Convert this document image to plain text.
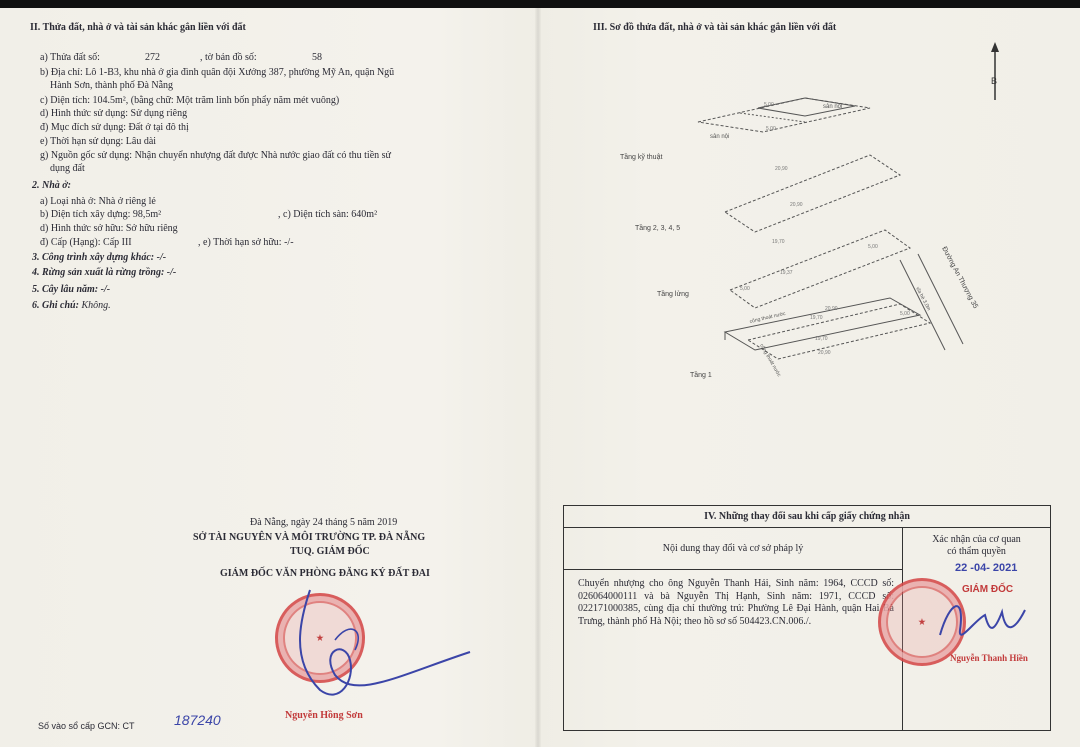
II. Thửa đất, nhà ở và tài sản khác gắn liền với đất
a) Thửa đất số:	272	, tờ bản đồ số:	58
b) Địa chỉ: Lô 1-B3, khu nhà ở gia đình quân đội Xưởng 387, phường Mỹ An, quận Ngũ
Hành Sơn, thành phố Đà Nẵng
c) Diện tích: 104.5m², (bằng chữ: Một trăm linh bốn phẩy năm mét vuông)
d) Hình thức sử dụng: Sử dụng riêng
đ) Mục đích sử dụng: Đất ở tại đô thị
e) Thời hạn sử dụng: Lâu dài
g) Nguồn gốc sử dụng: Nhận chuyển nhượng đất được Nhà nước giao đất có thu tiền sử
dụng đất
2. Nhà ở:
a) Loại nhà ở: Nhà ở riêng lẻ
b) Diện tích xây dựng: 98,5m²	, c) Diện tích sàn: 640m²
d) Hình thức sở hữu: Sở hữu riêng
đ) Cấp (Hạng): Cấp III	, e) Thời hạn sở hữu: -/-
3. Công trình xây dựng khác: -/-
4. Rừng sản xuất là rừng trồng: -/-
5. Cây lâu năm: -/-
6. Ghi chú: Không.
Đà Nẵng, ngày 24 tháng 5 năm 2019
SỞ TÀI NGUYÊN VÀ MÔI TRƯỜNG TP. ĐÀ NẴNG
TUQ. GIÁM ĐỐC
GIÁM ĐỐC VĂN PHÒNG ĐĂNG KÝ ĐẤT ĐAI
★
Nguyễn Hồng Sơn
Số vào sổ cấp GCN: CT	187240
III. Sơ đồ thửa đất, nhà ở và tài sản khác gắn liền với đất
B
sân nội
sân nội
5,00
5,00
Tầng kỹ thuật
20,90
20,90
Tầng 2, 3, 4, 5
19,70
19,37
5,00
5,00
Tầng lửng	Đường An Thượng 35
vỉa hè 3,0m
cống thoát nước
cống thoát nước
19,70
5,00
20,90
19,70
20,90
Tầng 1
IV. Những thay đổi sau khi cấp giấy chứng nhận
Nội dung thay đổi và cơ sở pháp lý
Xác nhận của cơ quan
có thẩm quyền
Chuyển nhượng cho ông Nguyễn Thanh Hải, Sinh năm: 1964, CCCD số: 026064000111 và bà Nguyễn Thị Hạnh, Sinh năm: 1971, CCCD số: 022171000385, cùng địa chỉ thường trú: Phường Lê Đại Hành, quận Hai Bà Trưng, thành phố Hà Nội; theo hồ sơ số 504423.CN.006./.	★
22 -04- 2021
GIÁM ĐỐC
Nguyễn Thanh Hiền
